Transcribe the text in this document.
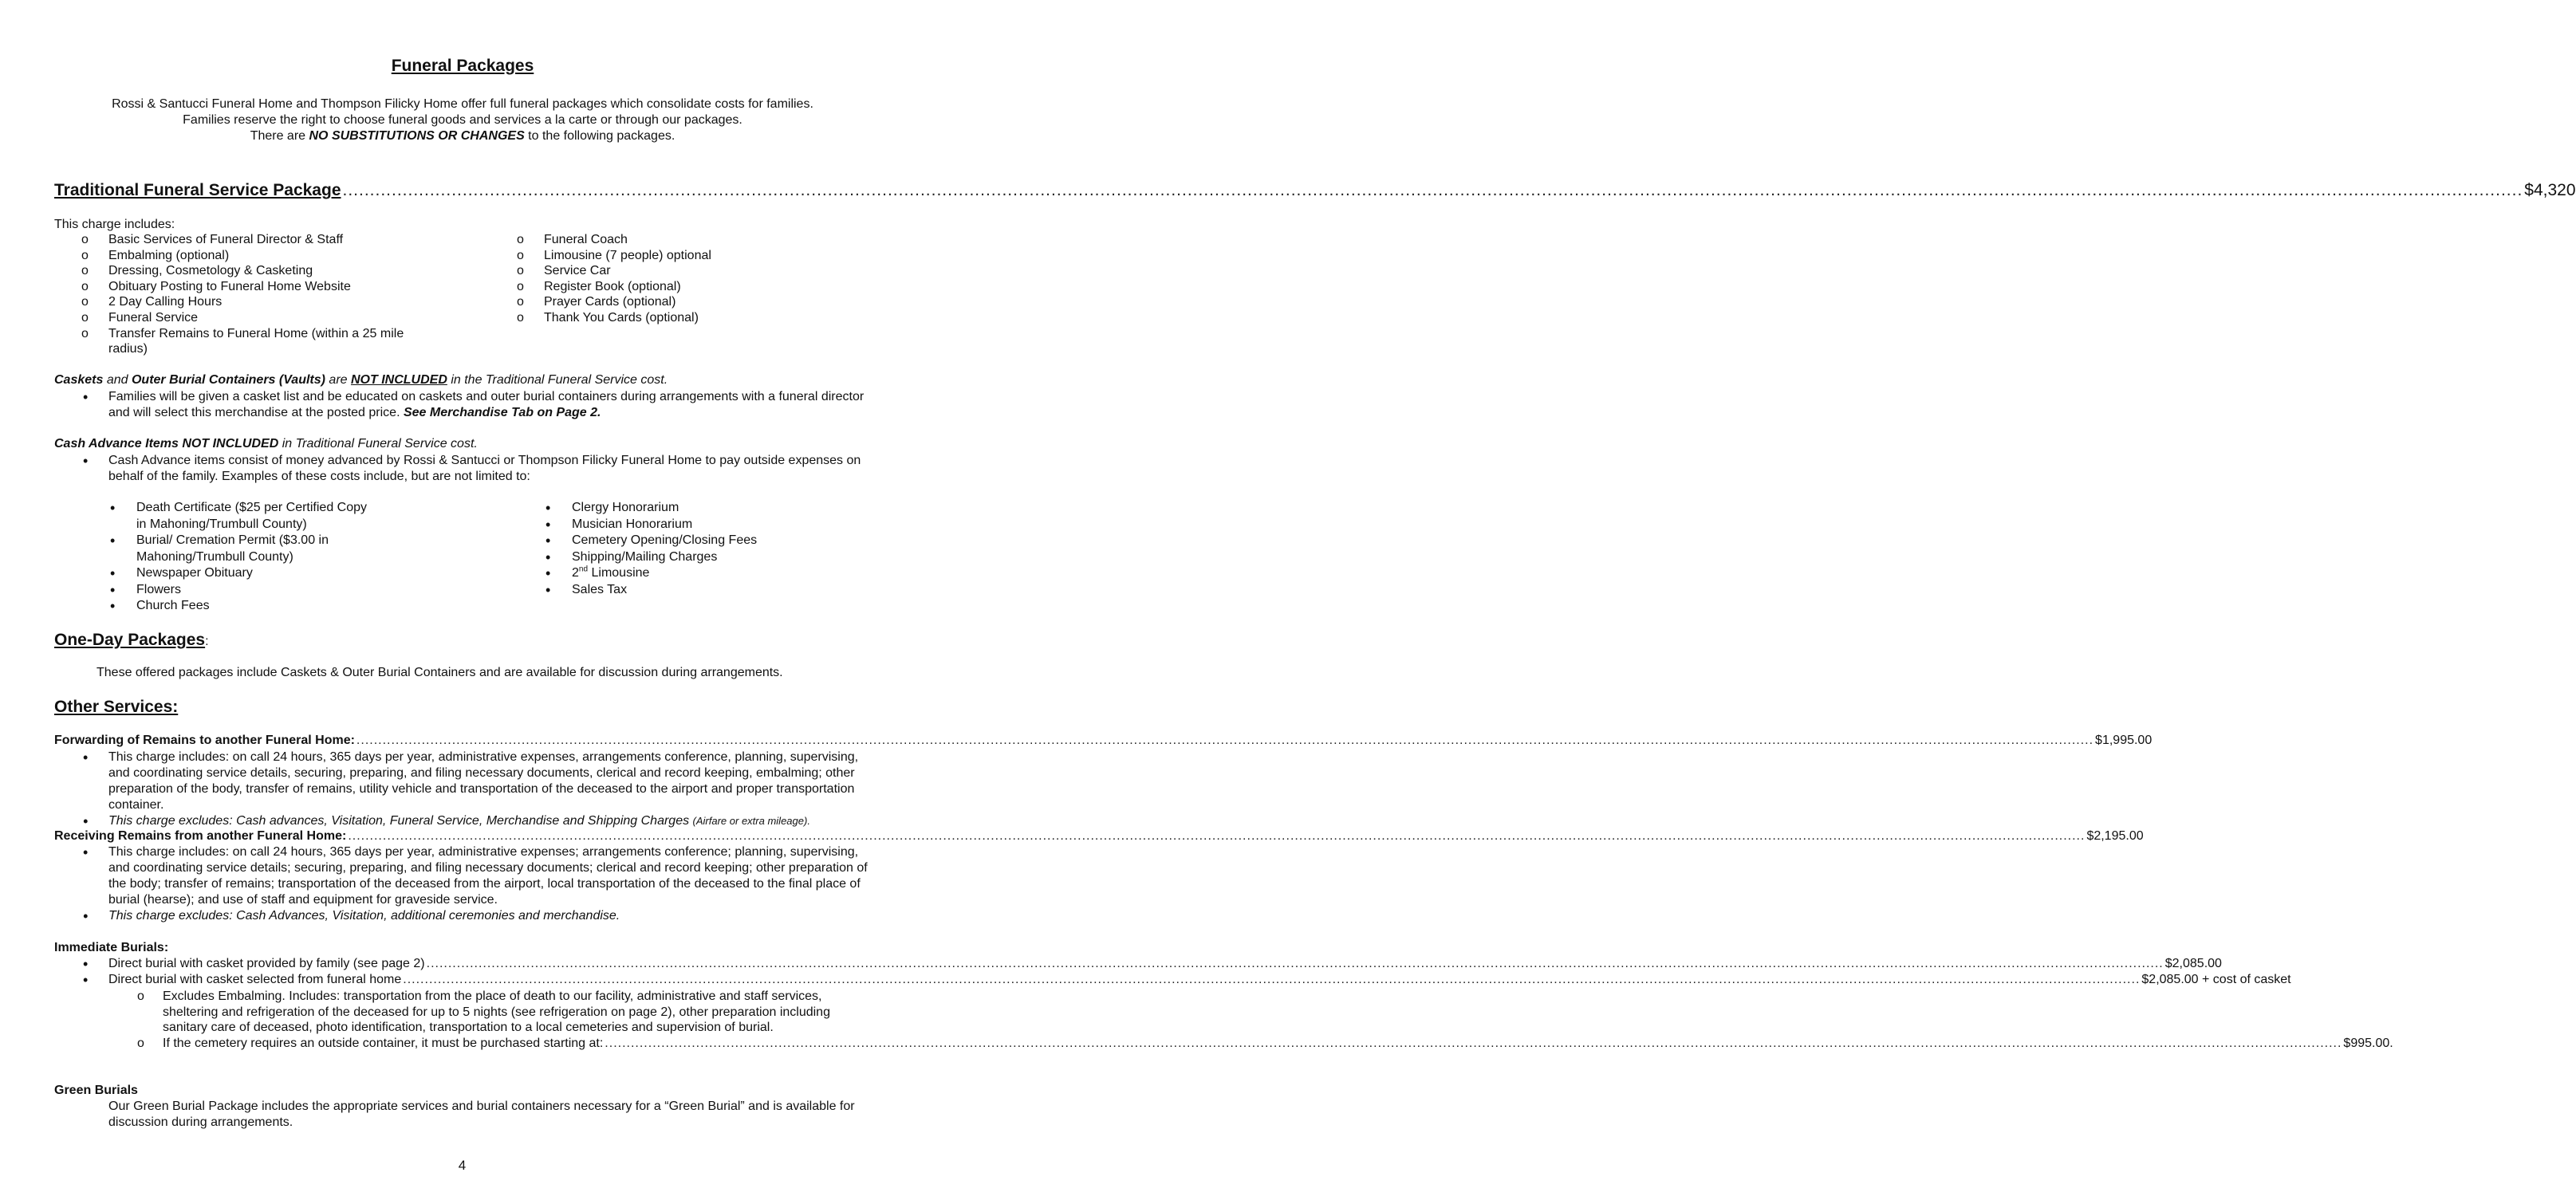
Funeral Packages
Rossi & Santucci Funeral Home and Thompson Filicky Home offer full funeral packages which consolidate costs for families.
Families reserve the right to choose funeral goods and services a la carte or through our packages.
There are NO SUBSTITUTIONS OR CHANGES to the following packages.
Traditional Funeral Service Package ................................................................................................................................................................................................................................................................................................................................................................................................................ $4,320
This charge includes:
o Basic Services of Funeral Director & Staff
o Embalming (optional)
o Dressing, Cosmetology & Casketing
o Obituary Posting to Funeral Home Website
o 2 Day Calling Hours
o Funeral Service
o Transfer Remains to Funeral Home (within a 25 mile radius)
o Funeral Coach
o Limousine (7 people) optional
o Service Car
o Register Book (optional)
o Prayer Cards (optional)
o Thank You Cards (optional)
Caskets and Outer Burial Containers (Vaults) are NOT INCLUDED in the Traditional Funeral Service cost.
• Families will be given a casket list and be educated on caskets and outer burial containers during arrangements with a funeral director and will select this merchandise at the posted price. See Merchandise Tab on Page 2.
Cash Advance Items NOT INCLUDED in Traditional Funeral Service cost.
• Cash Advance items consist of money advanced by Rossi & Santucci or Thompson Filicky Funeral Home to pay outside expenses on behalf of the family. Examples of these costs include, but are not limited to:
• Death Certificate ($25 per Certified Copy in Mahoning/Trumbull County)
• Burial/ Cremation Permit ($3.00 in Mahoning/Trumbull County)
• Newspaper Obituary
• Flowers
• Church Fees
• Clergy Honorarium
• Musician Honorarium
• Cemetery Opening/Closing Fees
• Shipping/Mailing Charges
• 2nd Limousine
• Sales Tax
One-Day Packages:
These offered packages include Caskets & Outer Burial Containers and are available for discussion during arrangements.
Other Services:
Forwarding of Remains to another Funeral Home: ................................................................................................................................................................................................................................................................................................................................................................................................................ $1,995.00
• This charge includes: on call 24 hours, 365 days per year, administrative expenses, arrangements conference, planning, supervising, and coordinating service details, securing, preparing, and filing necessary documents, clerical and record keeping, embalming; other preparation of the body, transfer of remains, utility vehicle and transportation of the deceased to the airport and proper transportation container.
• This charge excludes: Cash advances, Visitation, Funeral Service, Merchandise and Shipping Charges (Airfare or extra mileage).
Receiving Remains from another Funeral Home: ................................................................................................................................................................................................................................................................................................................................................................................................................ $2,195.00
• This charge includes: on call 24 hours, 365 days per year, administrative expenses; arrangements conference; planning, supervising, and coordinating service details; securing, preparing, and filing necessary documents; clerical and record keeping; other preparation of the body; transfer of remains; transportation of the deceased from the airport, local transportation of the deceased to the final place of burial (hearse); and use of staff and equipment for graveside service.
• This charge excludes: Cash Advances, Visitation, additional ceremonies and merchandise.
Immediate Burials:
• Direct burial with casket provided by family (see page 2) ................................................................................................................................................................................................................................................................................................................................................................................................................ $2,085.00
• Direct burial with casket selected from funeral home ................................................................................................................................................................................................................................................................................................................................................................................................................ $2,085.00 + cost of casket
o Excludes Embalming. Includes: transportation from the place of death to our facility, administrative and staff services, sheltering and refrigeration of the deceased for up to 5 nights (see refrigeration on page 2), other preparation including sanitary care of deceased, photo identification, transportation to a local cemeteries and supervision of burial.
o If the cemetery requires an outside container, it must be purchased starting at: ................................................................................................................................................................................................................................................................................................................................................................................................................ $995.00.
Green Burials
Our Green Burial Package includes the appropriate services and burial containers necessary for a “Green Burial” and is available for discussion during arrangements.
4
